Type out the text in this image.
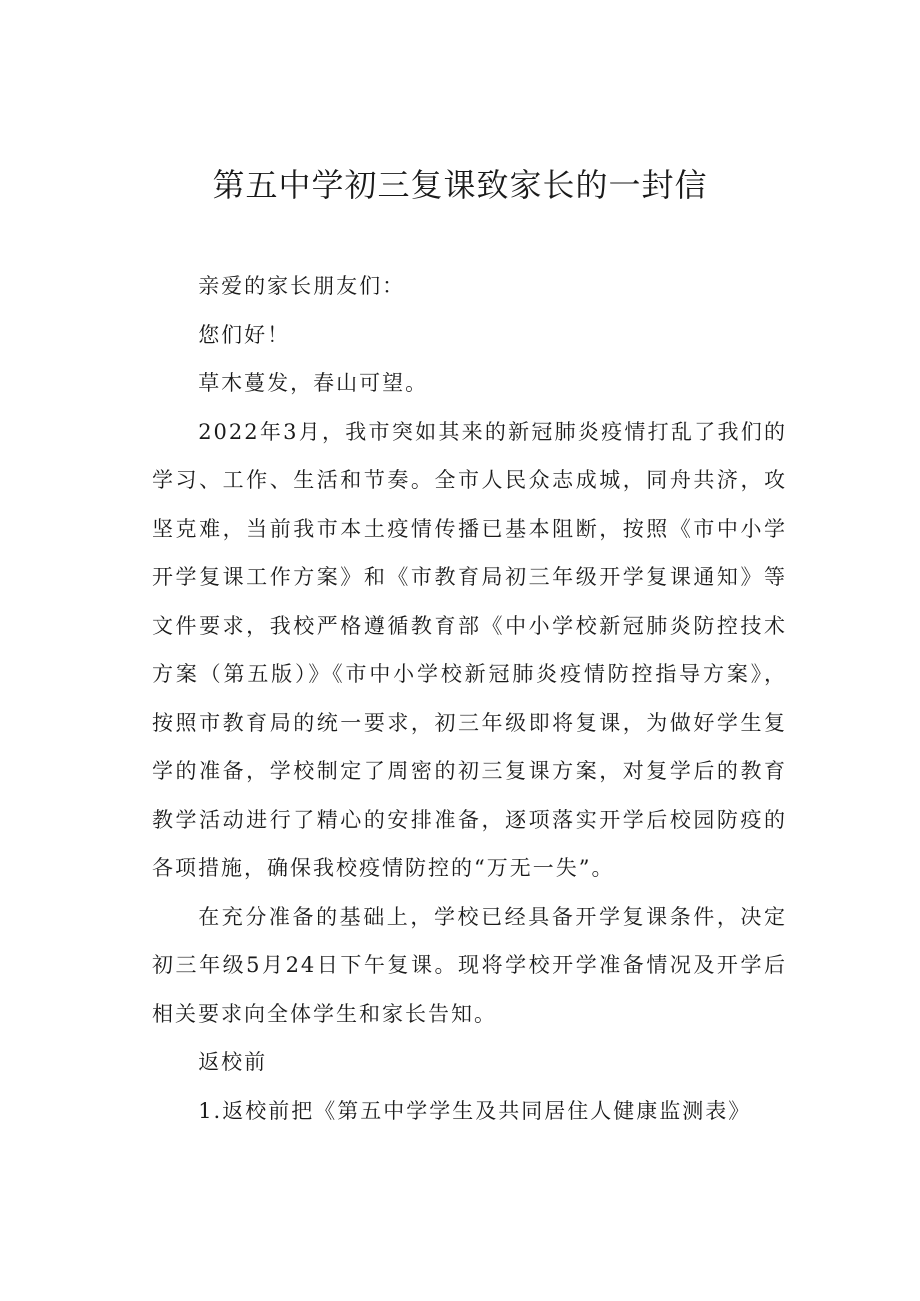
第五中学初三复课致家长的一封信

亲爱的家长朋友们：

您们好！

草木蔓发，春山可望。

2022年3月，我市突如其来的新冠肺炎疫情打乱了我们的学习、工作、生活和节奏。全市人民众志成城，同舟共济，攻坚克难，当前我市本土疫情传播已基本阻断，按照《市中小学开学复课工作方案》和《市教育局初三年级开学复课通知》等文件要求，我校严格遵循教育部《中小学校新冠肺炎防控技术方案（第五版）》《市中小学校新冠肺炎疫情防控指导方案》，按照市教育局的统一要求，初三年级即将复课，为做好学生复学的准备，学校制定了周密的初三复课方案，对复学后的教育教学活动进行了精心的安排准备，逐项落实开学后校园防疫的各项措施，确保我校疫情防控的“万无一失”。

在充分准备的基础上，学校已经具备开学复课条件，决定初三年级5月24日下午复课。现将学校开学准备情况及开学后相关要求向全体学生和家长告知。

返校前

1.返校前把《第五中学学生及共同居住人健康监测表》
